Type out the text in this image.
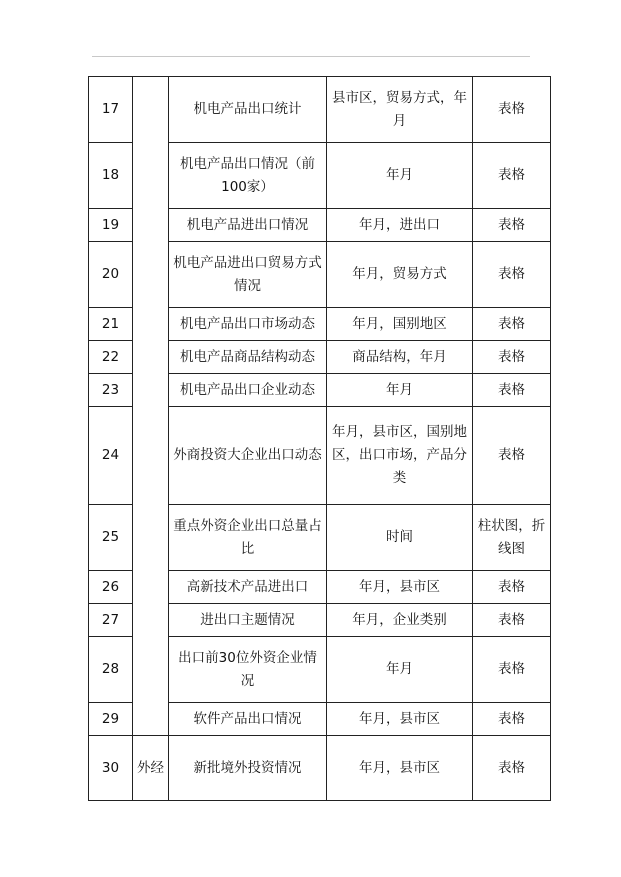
17		机电产品出口统计	县市区，贸易方式，年月	表格
18		机电产品出口情况（前100家）	年月	表格
19		机电产品进出口情况	年月，进出口	表格
20		机电产品进出口贸易方式情况	年月，贸易方式	表格
21		机电产品出口市场动态	年月，国别地区	表格
22		机电产品商品结构动态	商品结构，年月	表格
23		机电产品出口企业动态	年月	表格
24		外商投资大企业出口动态	年月，县市区，国别地区，出口市场，产品分类	表格
25		重点外资企业出口总量占比	时间	柱状图，折线图
26		高新技术产品进出口	年月，县市区	表格
27		进出口主题情况	年月，企业类别	表格
28		出口前30位外资企业情况	年月	表格
29		软件产品出口情况	年月，县市区	表格
30	外经	新批境外投资情况	年月，县市区	表格
